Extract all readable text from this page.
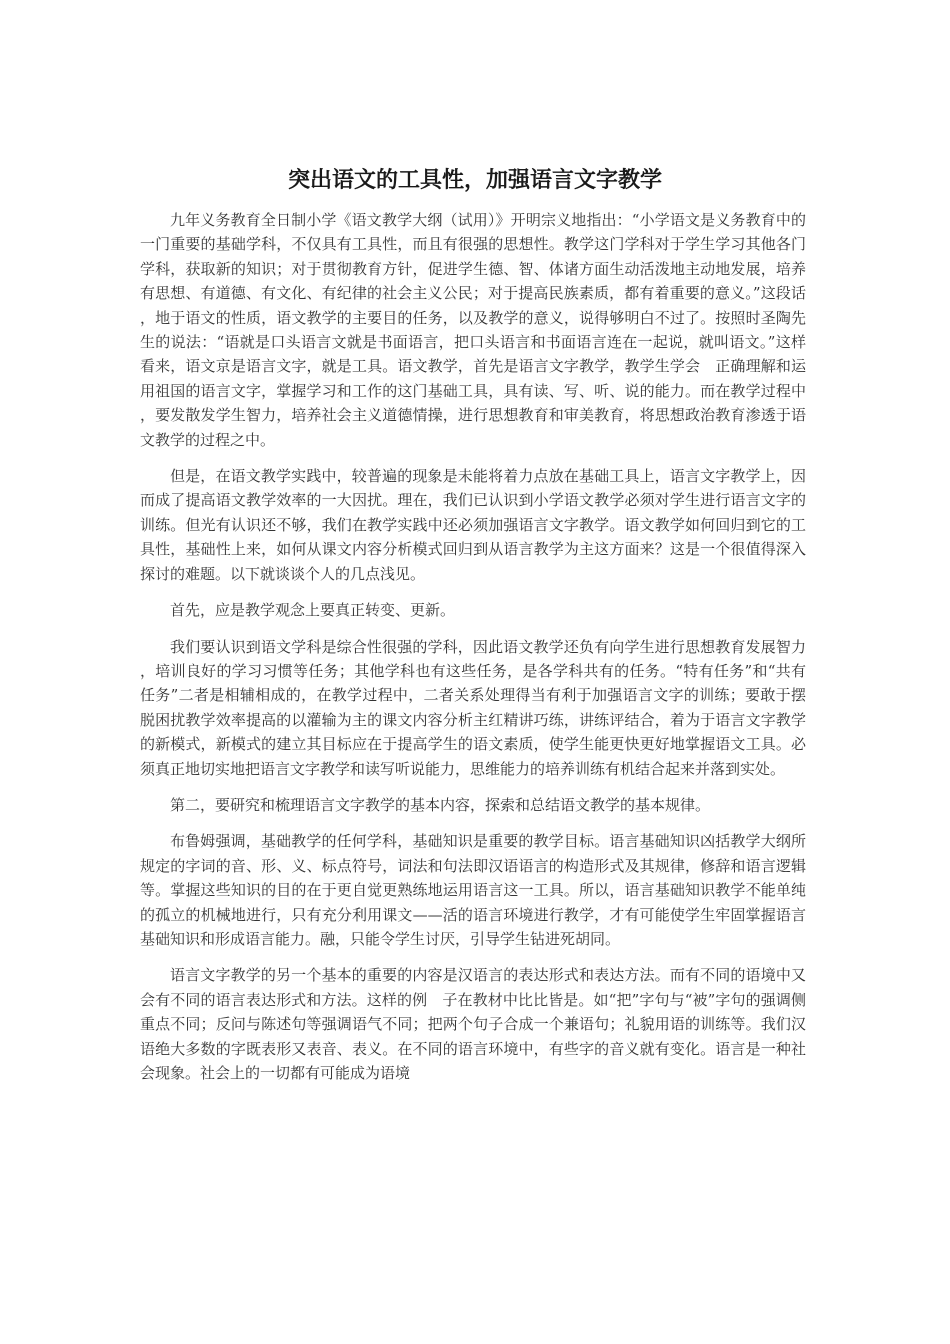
突出语文的工具性，加强语言文字教学

九年义务教育全日制小学《语文教学大纲（试用）》开明宗义地指出：“小学语文是义务教育中的一门重要的基础学科，不仅具有工具性，而且有很强的思想性。教学这门学科对于学生学习其他各门学科，获取新的知识；对于贯彻教育方针，促进学生德、智、体诸方面生动活泼地主动地发展，培养有思想、有道德、有文化、有纪律的社会主义公民；对于提高民族素质，都有着重要的意义。”这段话，地于语文的性质，语文教学的主要目的任务，以及教学的意义，说得够明白不过了。按照时圣陶先生的说法：“语就是口头语言文就是书面语言，把口头语言和书面语言连在一起说，就叫语文。”这样看来，语文京是语言文字，就是工具。语文教学，首先是语言文字教学，教学生学会　正确理解和运用祖国的语言文字，掌握学习和工作的这门基础工具，具有读、写、听、说的能力。而在教学过程中，要发散发学生智力，培养社会主义道德情操，进行思想教育和审美教育，将思想政治教育渗透于语文教学的过程之中。

但是，在语文教学实践中，较普遍的现象是未能将着力点放在基础工具上，语言文字教学上，因而成了提高语文教学效率的一大因扰。理在，我们已认识到小学语文教学必须对学生进行语言文字的训练。但光有认识还不够，我们在教学实践中还必须加强语言文字教学。语文教学如何回归到它的工具性，基础性上来，如何从课文内容分析模式回归到从语言教学为主这方面来？这是一个很值得深入探讨的难题。以下就谈谈个人的几点浅见。

首先，应是教学观念上要真正转变、更新。

我们要认识到语文学科是综合性很强的学科，因此语文教学还负有向学生进行思想教育发展智力，培训良好的学习习惯等任务；其他学科也有这些任务，是各学科共有的任务。“特有任务”和“共有任务”二者是相辅相成的，在教学过程中，二者关系处理得当有利于加强语言文字的训练；要敢于摆脱困扰教学效率提高的以灌输为主的课文内容分析主红精讲巧练，讲练评结合，着为于语言文字教学的新模式，新模式的建立其目标应在于提高学生的语文素质，使学生能更快更好地掌握语文工具。必须真正地切实地把语言文字教学和读写听说能力，思维能力的培养训练有机结合起来并落到实处。

第二，要研究和梳理语言文字教学的基本内容，探索和总结语文教学的基本规律。

布鲁姆强调，基础教学的任何学科，基础知识是重要的教学目标。语言基础知识凶括教学大纲所规定的字词的音、形、义、标点符号，词法和句法即汉语语言的构造形式及其规律，修辞和语言逻辑等。掌握这些知识的目的在于更自觉更熟练地运用语言这一工具。所以，语言基础知识教学不能单纯的孤立的机械地进行，只有充分利用课文——活的语言环境进行教学，才有可能使学生牢固掌握语言基础知识和形成语言能力。融，只能令学生讨厌，引导学生钻进死胡同。

语言文字教学的另一个基本的重要的内容是汉语言的表达形式和表达方法。而有不同的语境中又会有不同的语言表达形式和方法。这样的例　子在教材中比比皆是。如“把”字句与“被”字句的强调侧重点不同；反问与陈述句等强调语气不同；把两个句子合成一个兼语句；礼貌用语的训练等。我们汉语绝大多数的字既表形又表音、表义。在不同的语言环境中，有些字的音义就有变化。语言是一种社会现象。社会上的一切都有可能成为语境
